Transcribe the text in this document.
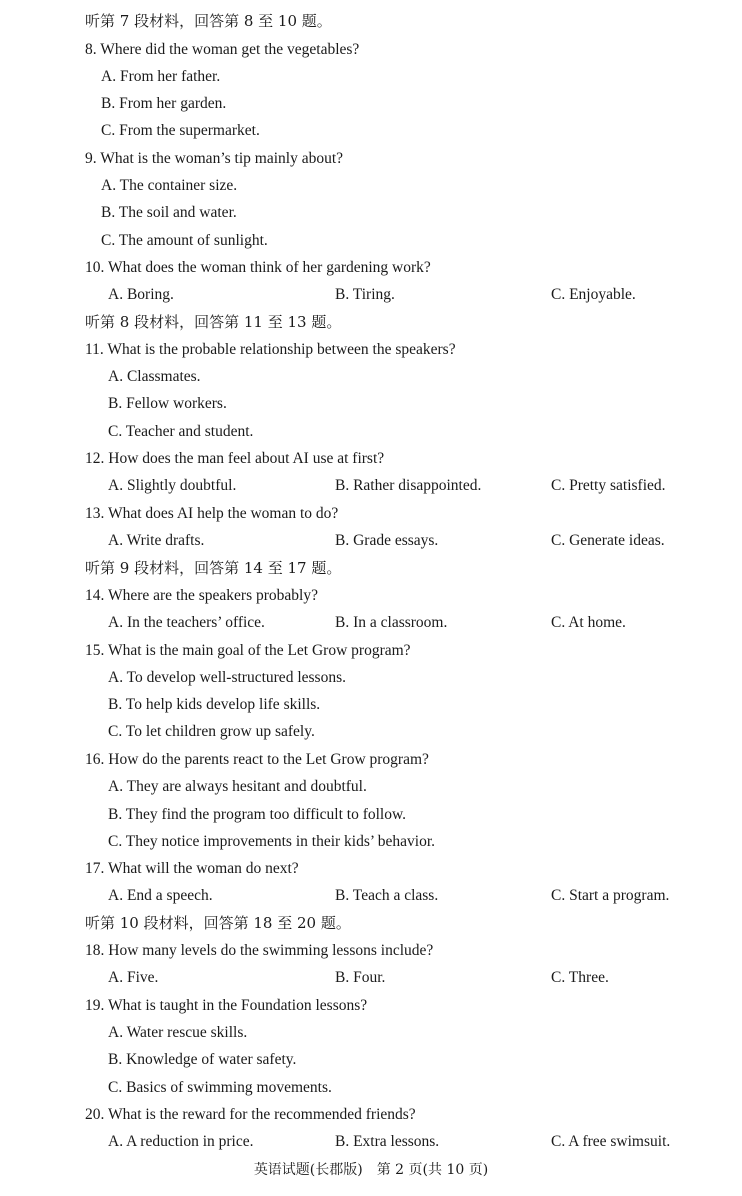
听第 7 段材料，回答第 8 至 10 题。
8. Where did the woman get the vegetables?
A. From her father.
B. From her garden.
C. From the supermarket.
9. What is the woman’s tip mainly about?
A. The container size.
B. The soil and water.
C. The amount of sunlight.
10. What does the woman think of her gardening work?
A. Boring.	B. Tiring.	C. Enjoyable.
听第 8 段材料，回答第 11 至 13 题。
11. What is the probable relationship between the speakers?
A. Classmates.
B. Fellow workers.
C. Teacher and student.
12. How does the man feel about AI use at first?
A. Slightly doubtful.	B. Rather disappointed.	C. Pretty satisfied.
13. What does AI help the woman to do?
A. Write drafts.	B. Grade essays.	C. Generate ideas.
听第 9 段材料，回答第 14 至 17 题。
14. Where are the speakers probably?
A. In the teachers’ office.	B. In a classroom.	C. At home.
15. What is the main goal of the Let Grow program?
A. To develop well-structured lessons.
B. To help kids develop life skills.
C. To let children grow up safely.
16. How do the parents react to the Let Grow program?
A. They are always hesitant and doubtful.
B. They find the program too difficult to follow.
C. They notice improvements in their kids’ behavior.
17. What will the woman do next?
A. End a speech.	B. Teach a class.	C. Start a program.
听第 10 段材料，回答第 18 至 20 题。
18. How many levels do the swimming lessons include?
A. Five.	B. Four.	C. Three.
19. What is taught in the Foundation lessons?
A. Water rescue skills.
B. Knowledge of water safety.
C. Basics of swimming movements.
20. What is the reward for the recommended friends?
A. A reduction in price.	B. Extra lessons.	C. A free swimsuit.
英语试题(长郡版)　第 2 页(共 10 页)
